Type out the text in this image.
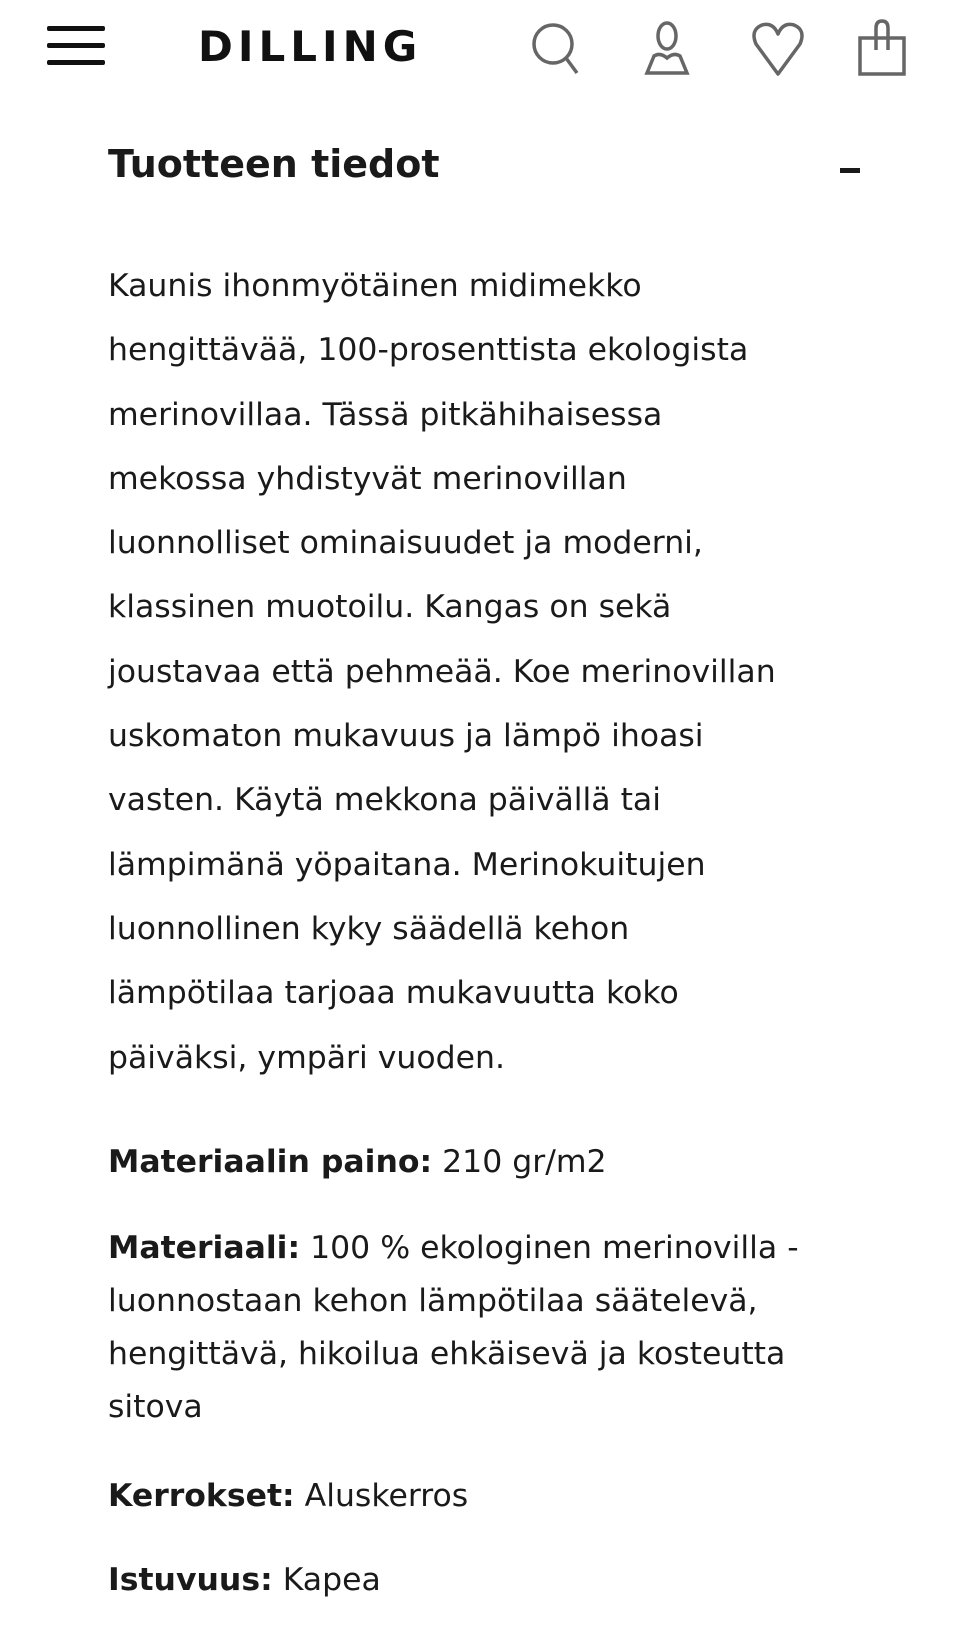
DILLING
Tuotteen tiedot
Kaunis ihonmyötäinen midimekko
hengittävää, 100-prosenttista ekologista
merinovillaa. Tässä pitkähihaisessa
mekossa yhdistyvät merinovillan
luonnolliset ominaisuudet ja moderni,
klassinen muotoilu. Kangas on sekä
joustavaa että pehmeää. Koe merinovillan
uskomaton mukavuus ja lämpö ihoasi
vasten. Käytä mekkona päivällä tai
lämpimänä yöpaitana. Merinokuitujen
luonnollinen kyky säädellä kehon
lämpötilaa tarjoaa mukavuutta koko
päiväksi, ympäri vuoden.
Materiaalin paino: 210 gr/m2
Materiaali: 100 % ekologinen merinovilla -
luonnostaan kehon lämpötilaa säätelevä,
hengittävä, hikoilua ehkäisevä ja kosteutta
sitova
Kerrokset: Aluskerros
Istuvuus: Kapea
